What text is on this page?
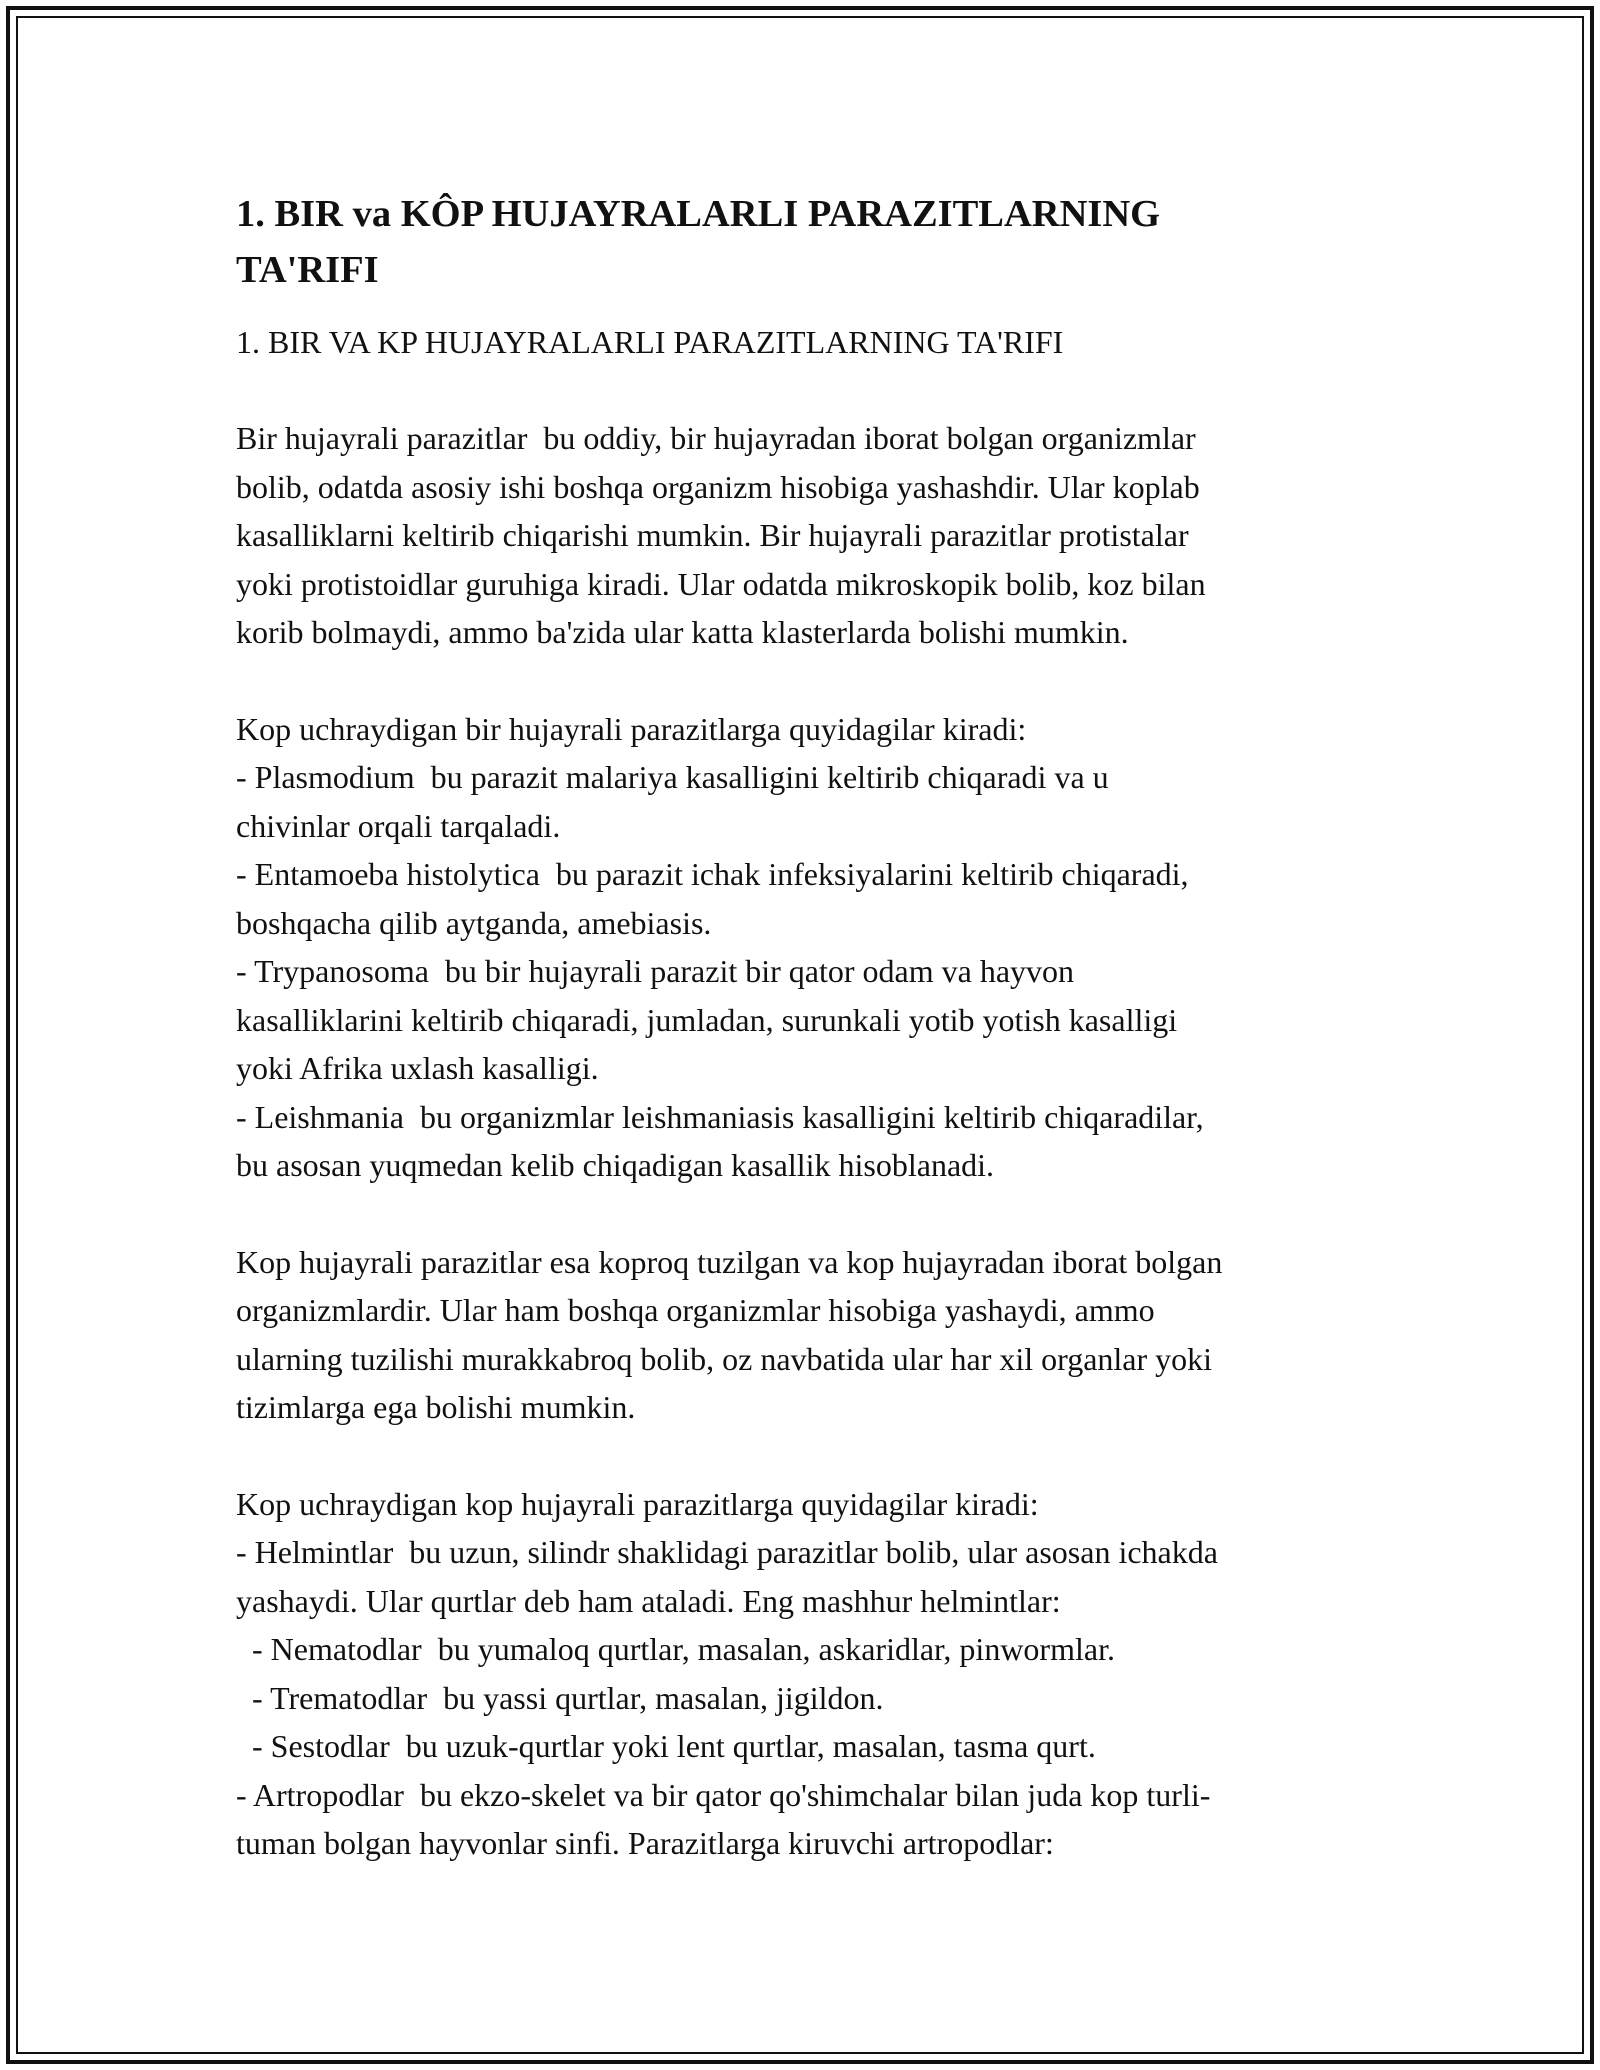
1. BIR va KÔP HUJAYRALARLI PARAZITLARNING
TA'RIFI
1. BIR VA KP HUJAYRALARLI PARAZITLARNING TA'RIFI
Bir hujayrali parazitlar  bu oddiy, bir hujayradan iborat bolgan organizmlar
bolib, odatda asosiy ishi boshqa organizm hisobiga yashashdir. Ular koplab
kasalliklarni keltirib chiqarishi mumkin. Bir hujayrali parazitlar protistalar
yoki protistoidlar guruhiga kiradi. Ular odatda mikroskopik bolib, koz bilan
korib bolmaydi, ammo ba'zida ular katta klasterlarda bolishi mumkin.
Kop uchraydigan bir hujayrali parazitlarga quyidagilar kiradi:
- Plasmodium  bu parazit malariya kasalligini keltirib chiqaradi va u
chivinlar orqali tarqaladi.
- Entamoeba histolytica  bu parazit ichak infeksiyalarini keltirib chiqaradi,
boshqacha qilib aytganda, amebiasis.
- Trypanosoma  bu bir hujayrali parazit bir qator odam va hayvon
kasalliklarini keltirib chiqaradi, jumladan, surunkali yotib yotish kasalligi
yoki Afrika uxlash kasalligi.
- Leishmania  bu organizmlar leishmaniasis kasalligini keltirib chiqaradilar,
bu asosan yuqmedan kelib chiqadigan kasallik hisoblanadi.
Kop hujayrali parazitlar esa koproq tuzilgan va kop hujayradan iborat bolgan
organizmlardir. Ular ham boshqa organizmlar hisobiga yashaydi, ammo
ularning tuzilishi murakkabroq bolib, oz navbatida ular har xil organlar yoki
tizimlarga ega bolishi mumkin.
Kop uchraydigan kop hujayrali parazitlarga quyidagilar kiradi:
- Helmintlar  bu uzun, silindr shaklidagi parazitlar bolib, ular asosan ichakda
yashaydi. Ular qurtlar deb ham ataladi. Eng mashhur helmintlar:
- Nematodlar  bu yumaloq qurtlar, masalan, askaridlar, pinwormlar.
- Trematodlar  bu yassi qurtlar, masalan, jigildon.
- Sestodlar  bu uzuk-qurtlar yoki lent qurtlar, masalan, tasma qurt.
- Artropodlar  bu ekzo-skelet va bir qator qo'shimchalar bilan juda kop turli-
tuman bolgan hayvonlar sinfi. Parazitlarga kiruvchi artropodlar:
